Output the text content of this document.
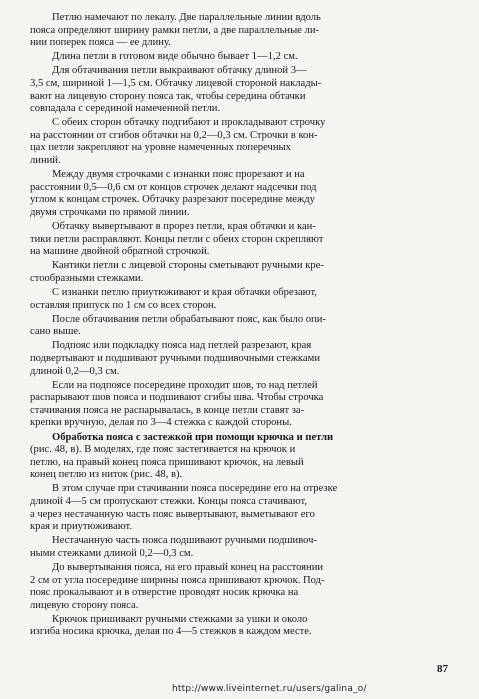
Петлю намечают по лекалу. Две параллельные линии вдоль
пояса определяют ширину рамки петли, а две параллельные ли-
нии поперек пояса — ее длину.

Длина петли в готовом виде обычно бывает 1—1,2 см.

Для обтачивания петли выкраивают обтачку длиной 3—
3,5 см, шириной 1—1,5 см. Обтачку лицевой стороной наклады-
вают на лицевую сторону пояса так, чтобы середина обтачки
совпадала с серединой намеченной петли.

С обеих сторон обтачку подгибают и прокладывают строчку
на расстоянии от сгибов обтачки на 0,2—0,3 см. Строчки в кон-
цах петли закрепляют на уровне намеченных поперечных
линий.

Между двумя строчками с изнанки пояс прорезают и на
расстоянии 0,5—0,6 см от концов строчек делают надсечки под
углом к концам строчек. Обтачку разрезают посередине между
двумя строчками по прямой линии.

Обтачку вывертывают в прорез петли, края обтачки и кан-
тики петли расправляют. Концы петли с обеих сторон скрепляют
на машине двойной обратной строчкой.

Кантики петли с лицевой стороны сметывают ручными кре-
стообразными стежками.

С изнанки петлю приутюживают и края обтачки обрезают,
оставляя припуск по 1 см со всех сторон.

После обтачивания петли обрабатывают пояс, как было опи-
сано выше.

Подпояс или подкладку пояса над петлей разрезают, края
подвертывают и подшивают ручными подшивочными стежками
длиной 0,2—0,3 см.

Если на подпоясе посередине проходит шов, то над петлей
распарывают шов пояса и подшивают сгибы шва. Чтобы строчка
стачивания пояса не распарывалась, в конце петли ставят за-
крепки вручную, делая по 3—4 стежка с каждой стороны.

Обработка пояса с застежкой при помощи крючка и петли
(рис. 48, в). В моделях, где пояс застегивается на крючок и
петлю, на правый конец пояса пришивают крючок, на левый
конец петлю из ниток (рис. 48, в).

В этом случае при стачивании пояса посередине его на отрезке
длиной 4—5 см пропускают стежки. Концы пояса стачивают,
а через нестачанную часть пояс вывертывают, выметывают его
края и приутюживают.

Нестачанную часть пояса подшивают ручными подшивоч-
ными стежками длиной 0,2—0,3 см.

До вывертывания пояса, на его правый конец на расстоянии
2 см от угла посередине ширины пояса пришивают крючок. Под-
пояс прокалывают и в отверстие проводят носик крючка на
лицевую сторону пояса.

Крючок пришивают ручными стежками за ушки и около
изгиба носика крючка, делая по 4—5 стежков в каждом месте.

87
http://www.liveinternet.ru/users/galina_o/
